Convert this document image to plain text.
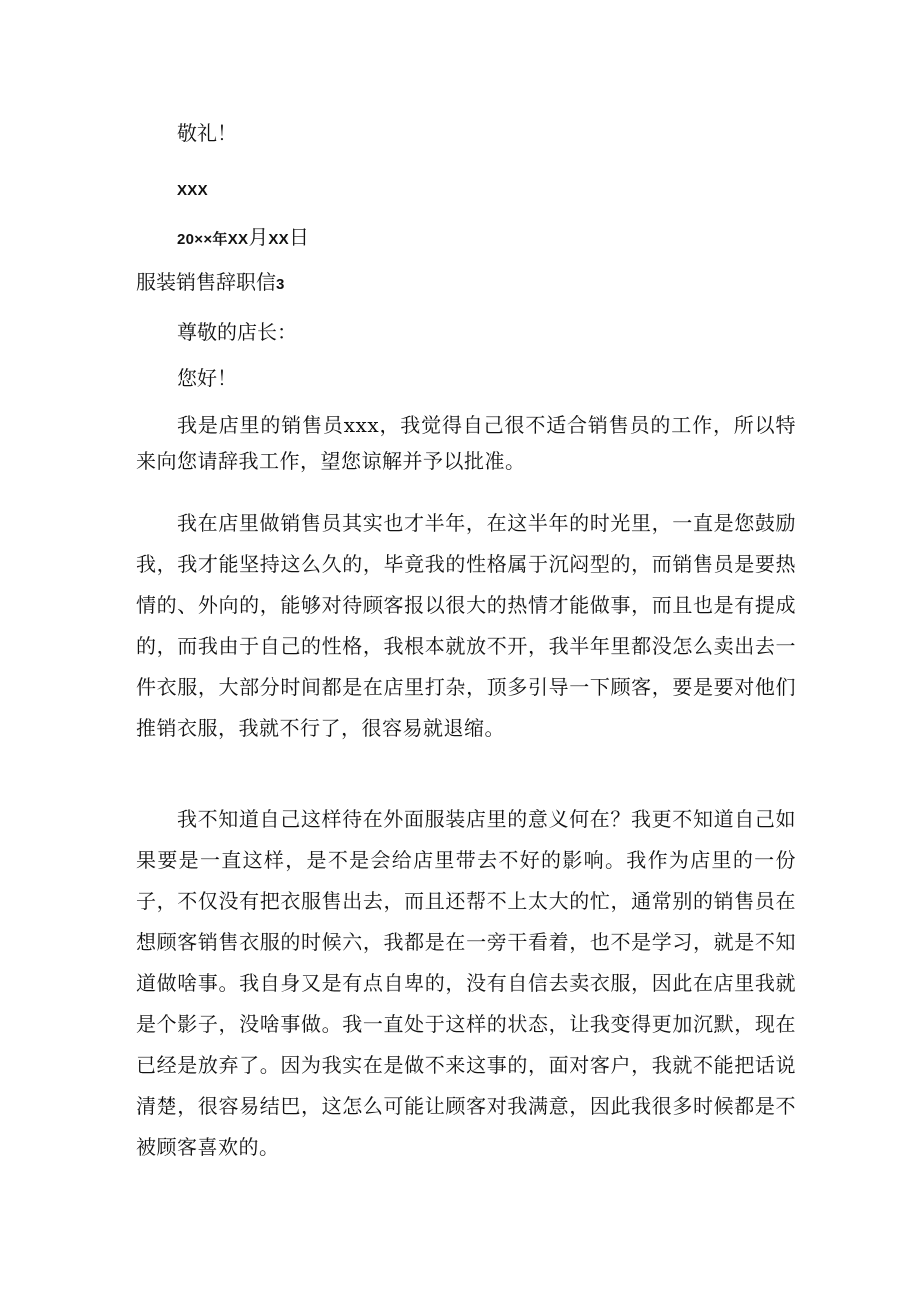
敬礼！

XXX

20××年XX月XX日

服装销售辞职信3

尊敬的店长：

您好！

我是店里的销售员xxx，我觉得自己很不适合销售员的工作，所以特来向您请辞我工作，望您谅解并予以批准。

我在店里做销售员其实也才半年，在这半年的时光里，一直是您鼓励我，我才能坚持这么久的，毕竟我的性格属于沉闷型的，而销售员是要热情的、外向的，能够对待顾客报以很大的热情才能做事，而且也是有提成的，而我由于自己的性格，我根本就放不开，我半年里都没怎么卖出去一件衣服，大部分时间都是在店里打杂，顶多引导一下顾客，要是要对他们推销衣服，我就不行了，很容易就退缩。

我不知道自己这样待在外面服装店里的意义何在？我更不知道自己如果要是一直这样，是不是会给店里带去不好的影响。我作为店里的一份子，不仅没有把衣服售出去，而且还帮不上太大的忙，通常别的销售员在想顾客销售衣服的时候六，我都是在一旁干看着，也不是学习，就是不知道做啥事。我自身又是有点自卑的，没有自信去卖衣服，因此在店里我就是个影子，没啥事做。我一直处于这样的状态，让我变得更加沉默，现在已经是放弃了。因为我实在是做不来这事的，面对客户，我就不能把话说清楚，很容易结巴，这怎么可能让顾客对我满意，因此我很多时候都是不被顾客喜欢的。
